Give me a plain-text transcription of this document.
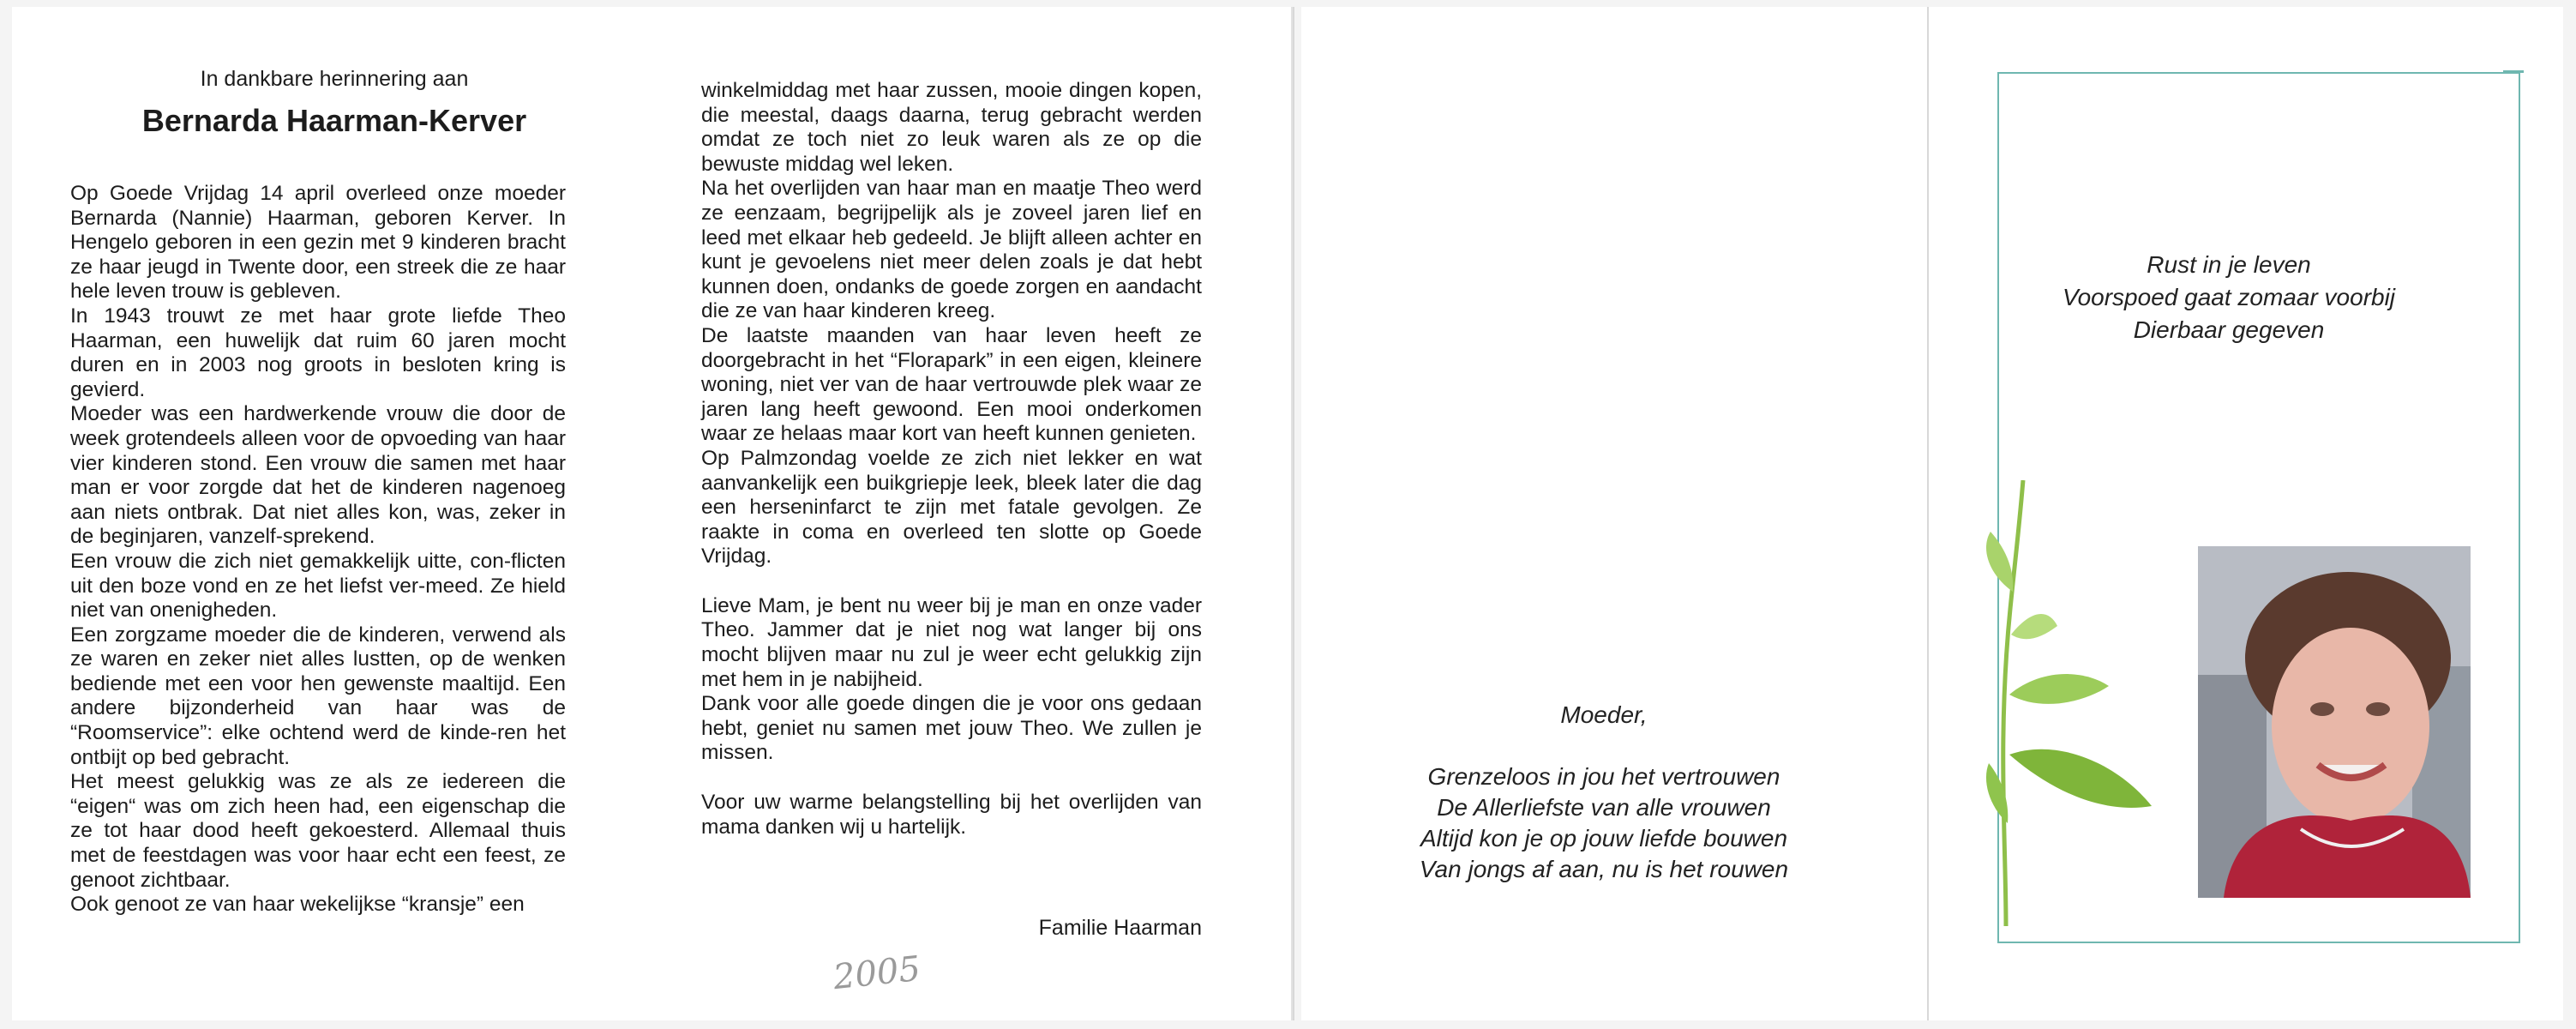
In dankbare herinnering aan
Bernarda Haarman-Kerver

Op Goede Vrijdag 14 april overleed onze moeder Bernarda (Nannie) Haarman, geboren Kerver. In Hengelo geboren in een gezin met 9 kinderen bracht ze haar jeugd in Twente door, een streek die ze haar hele leven trouw is gebleven.

In 1943 trouwt ze met haar grote liefde Theo Haarman, een huwelijk dat ruim 60 jaren mocht duren en in 2003 nog groots in besloten kring is gevierd.

Moeder was een hardwerkende vrouw die door de week grotendeels alleen voor de opvoeding van haar vier kinderen stond. Een vrouw die samen met haar man er voor zorgde dat het de kinderen nagenoeg aan niets ontbrak. Dat niet alles kon, was, zeker in de beginjaren, vanzelf-sprekend.

Een vrouw die zich niet gemakkelijk uitte, con-flicten uit den boze vond en ze het liefst ver-meed. Ze hield niet van onenigheden.

Een zorgzame moeder die de kinderen, verwend als ze waren en zeker niet alles lustten, op de wenken bediende met een voor hen gewenste maaltijd. Een andere bijzonderheid van haar was de “Roomservice”: elke ochtend werd de kinde-ren het ontbijt op bed gebracht.

Het meest gelukkig was ze als ze iedereen die “eigen“ was om zich heen had, een eigenschap die ze tot haar dood heeft gekoesterd. Allemaal thuis met de feestdagen was voor haar echt een feest, ze genoot zichtbaar.

Ook genoot ze van haar wekelijkse “kransje” een

winkelmiddag met haar zussen, mooie dingen kopen, die meestal, daags daarna, terug gebracht werden omdat ze toch niet zo leuk waren als ze op die bewuste middag wel leken.

Na het overlijden van haar man en maatje Theo werd ze eenzaam, begrijpelijk als je zoveel jaren lief en leed met elkaar heb gedeeld. Je blijft alleen achter en kunt je gevoelens niet meer delen zoals je dat hebt kunnen doen, ondanks de goede zorgen en aandacht die ze van haar kinderen kreeg.

De laatste maanden van haar leven heeft ze doorgebracht in het “Florapark” in een eigen, kleinere woning, niet ver van de haar vertrouwde plek waar ze jaren lang heeft gewoond. Een mooi onderkomen waar ze helaas maar kort van heeft kunnen genieten.

Op Palmzondag voelde ze zich niet lekker en wat aanvankelijk een buikgriepje leek, bleek later die dag een herseninfarct te zijn met fatale gevolgen. Ze raakte in coma en overleed ten slotte op Goede Vrijdag.

Lieve Mam, je bent nu weer bij je man en onze vader Theo. Jammer dat je niet nog wat langer bij ons mocht blijven maar nu zul je weer echt gelukkig zijn met hem in je nabijheid.

Dank voor alle goede dingen die je voor ons gedaan hebt, geniet nu samen met jouw Theo. We zullen je missen.

Voor uw warme belangstelling bij het overlijden van mama danken wij u hartelijk.

Familie Haarman
2005
Moeder,
Grenzeloos in jou het vertrouwen
De Allerliefste van alle vrouwen
Altijd kon je op jouw liefde bouwen
Van jongs af aan, nu is het rouwen
Rust in je leven
Voorspoed gaat zomaar voorbij
Dierbaar gegeven
